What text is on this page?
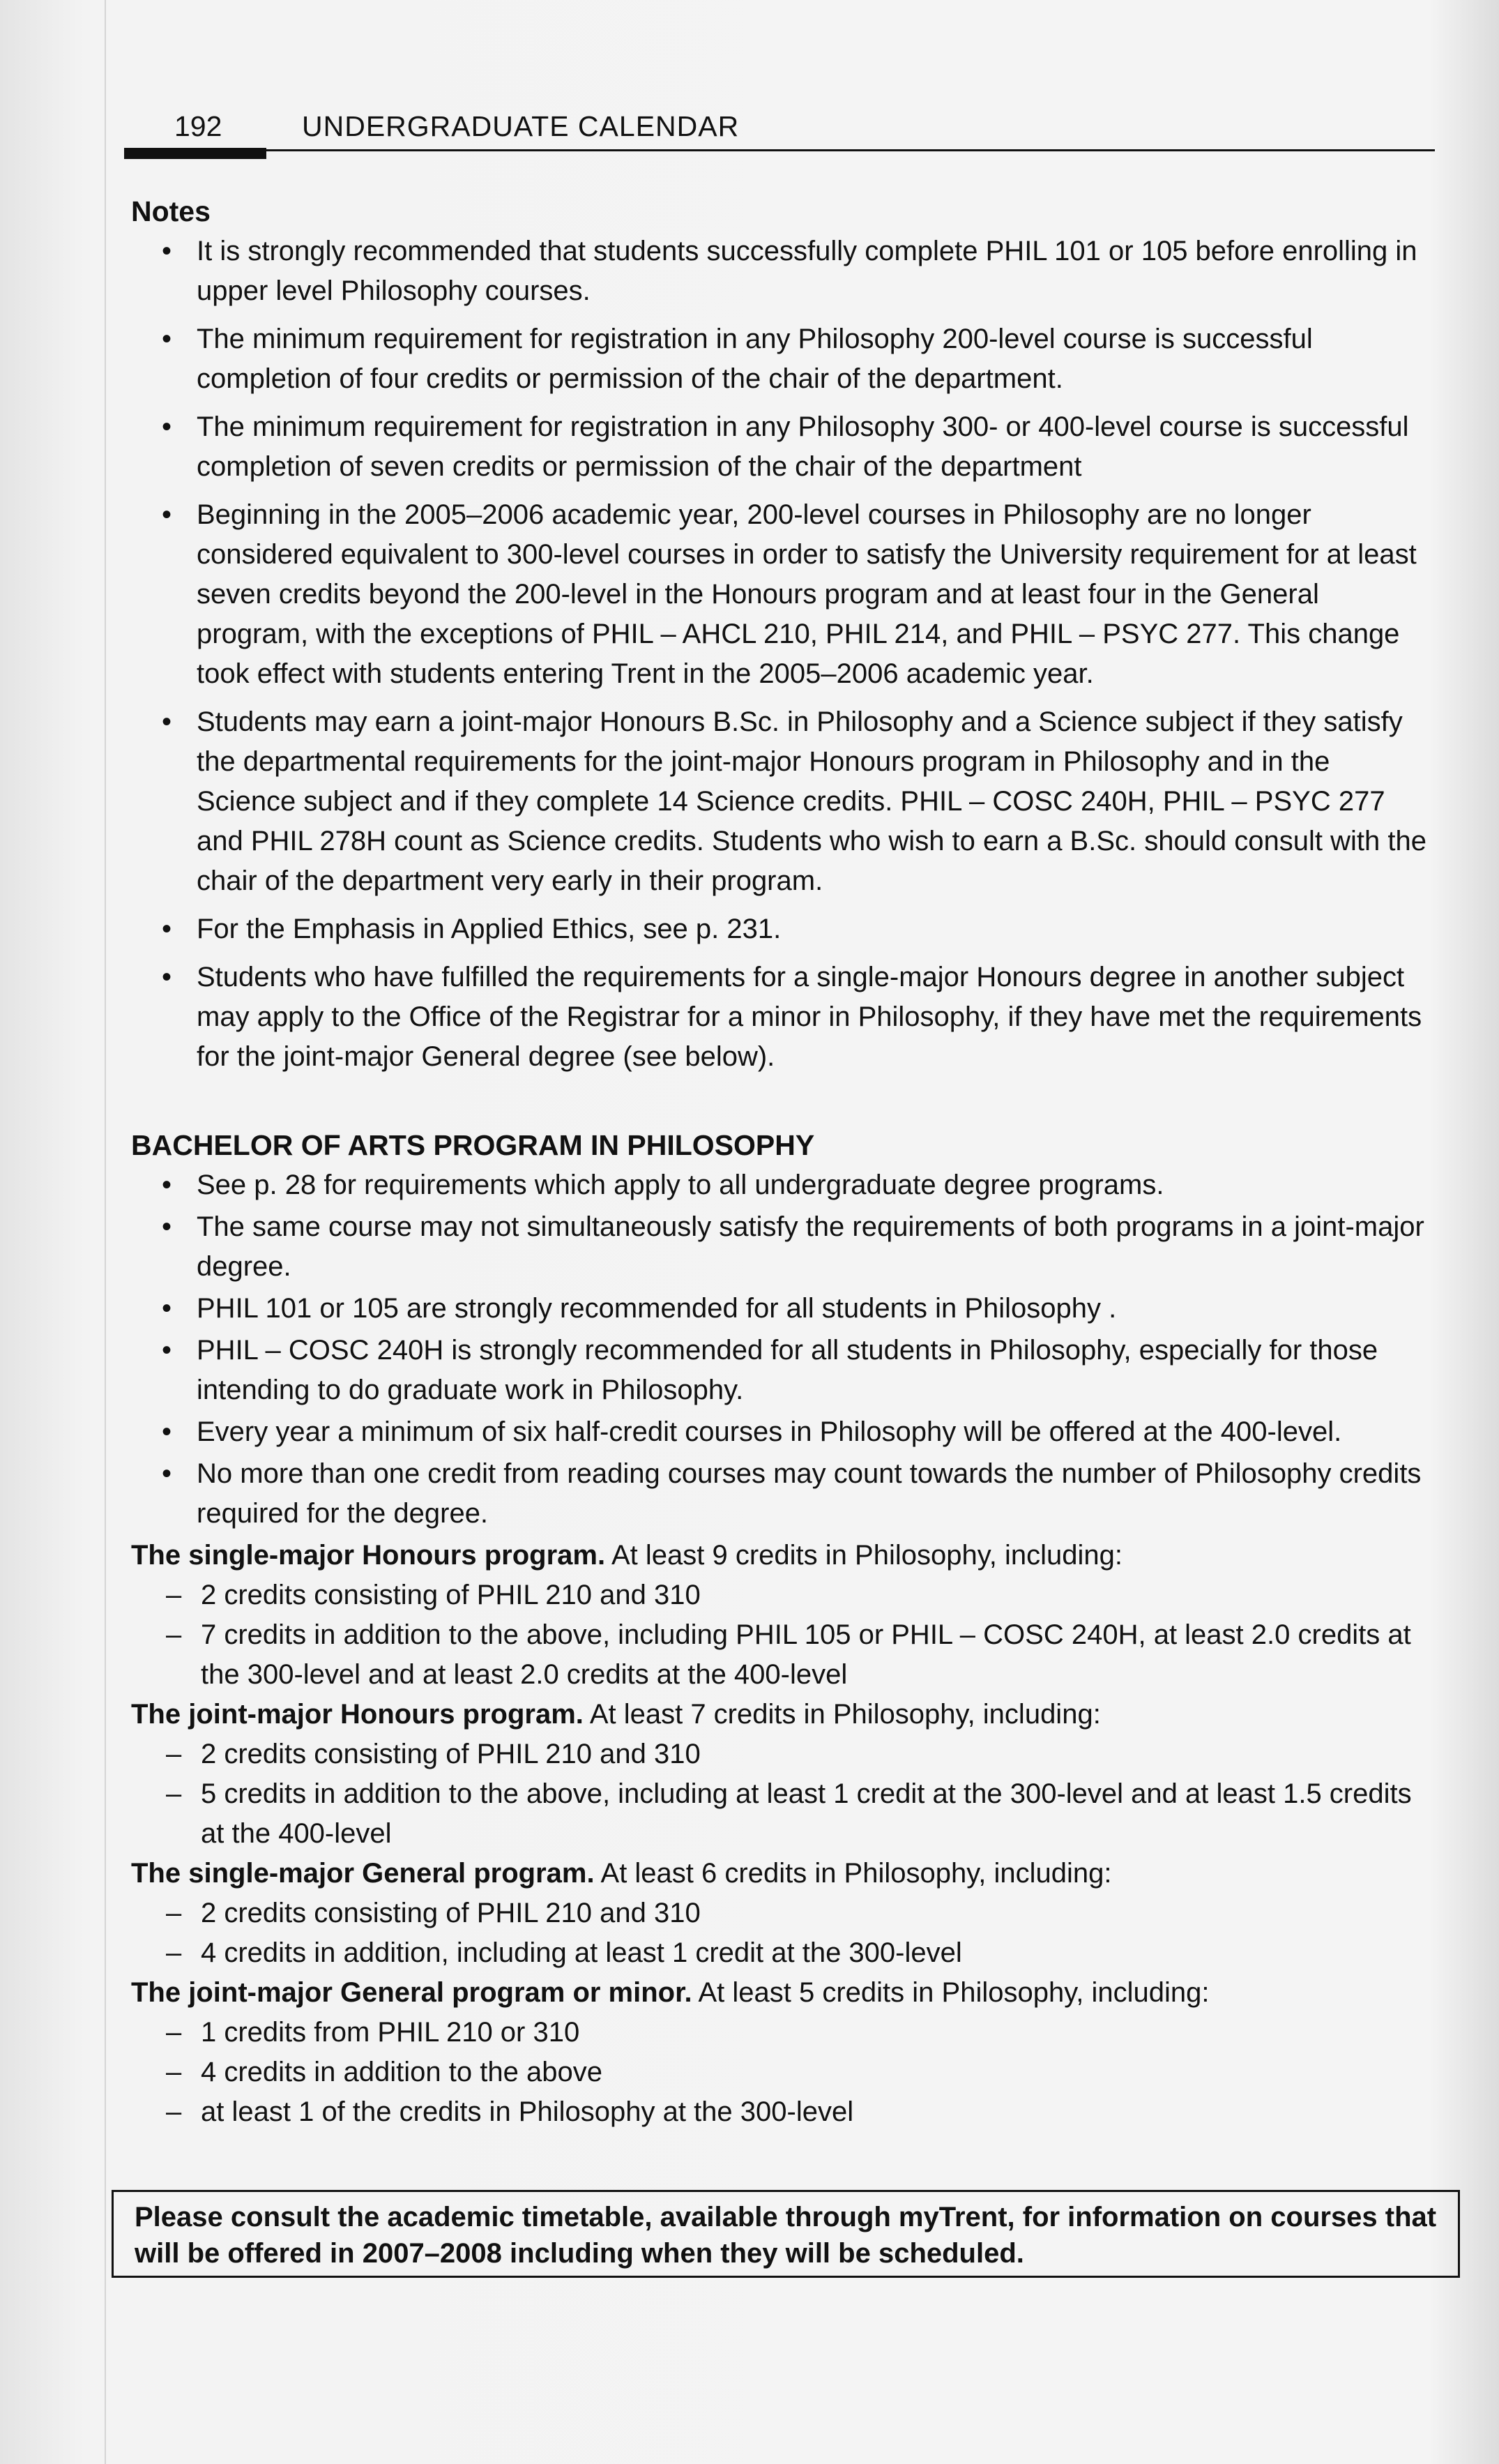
192	UNDERGRADUATE CALENDAR
Notes
• It is strongly recommended that students successfully complete PHIL 101 or 105 before enrolling in upper level Philosophy courses.
• The minimum requirement for registration in any Philosophy 200-level course is successful completion of four credits or permission of the chair of the department.
• The minimum requirement for registration in any Philosophy 300- or 400-level course is successful completion of seven credits or permission of the chair of the department
• Beginning in the 2005–2006 academic year, 200-level courses in Philosophy are no longer considered equivalent to 300-level courses in order to satisfy the University requirement for at least seven credits beyond the 200-level in the Honours program and at least four in the General program, with the exceptions of PHIL – AHCL 210, PHIL 214, and PHIL – PSYC 277. This change took effect with students entering Trent in the 2005–2006 academic year.
• Students may earn a joint-major Honours B.Sc. in Philosophy and a Science subject if they satisfy the departmental requirements for the joint-major Honours program in Philosophy and in the Science subject and if they complete 14 Science credits. PHIL – COSC 240H, PHIL – PSYC 277 and PHIL 278H count as Science credits. Students who wish to earn a B.Sc. should consult with the chair of the department very early in their program.
• For the Emphasis in Applied Ethics, see p. 231.
• Students who have fulfilled the requirements for a single-major Honours degree in another subject may apply to the Office of the Registrar for a minor in Philosophy, if they have met the requirements for the joint-major General degree (see below).
BACHELOR OF ARTS PROGRAM IN PHILOSOPHY
• See p. 28 for requirements which apply to all undergraduate degree programs.
• The same course may not simultaneously satisfy the requirements of both programs in a joint-major degree.
• PHIL 101 or 105 are strongly recommended for all students in Philosophy .
• PHIL – COSC 240H is strongly recommended for all students in Philosophy, especially for those intending to do graduate work in Philosophy.
• Every year a minimum of six half-credit courses in Philosophy will be offered at the 400-level.
• No more than one credit from reading courses may count towards the number of Philosophy credits required for the degree.

The single-major Honours program. At least 9 credits in Philosophy, including:

– 2 credits consisting of PHIL 210 and 310
– 7 credits in addition to the above, including PHIL 105 or PHIL – COSC 240H, at least 2.0 credits at the 300-level and at least 2.0 credits at the 400-level

The joint-major Honours program. At least 7 credits in Philosophy, including:

– 2 credits consisting of PHIL 210 and 310
– 5 credits in addition to the above, including at least 1 credit at the 300-level and at least 1.5 credits at the 400-level

The single-major General program. At least 6 credits in Philosophy, including:

– 2 credits consisting of PHIL 210 and 310
– 4 credits in addition, including at least 1 credit at the 300-level

The joint-major General program or minor. At least 5 credits in Philosophy, including:

– 1 credits from PHIL 210 or 310
– 4 credits in addition to the above
– at least 1 of the credits in Philosophy at the 300-level
Please consult the academic timetable, available through myTrent, for information on courses that will be offered in 2007–2008 including when they will be scheduled.
